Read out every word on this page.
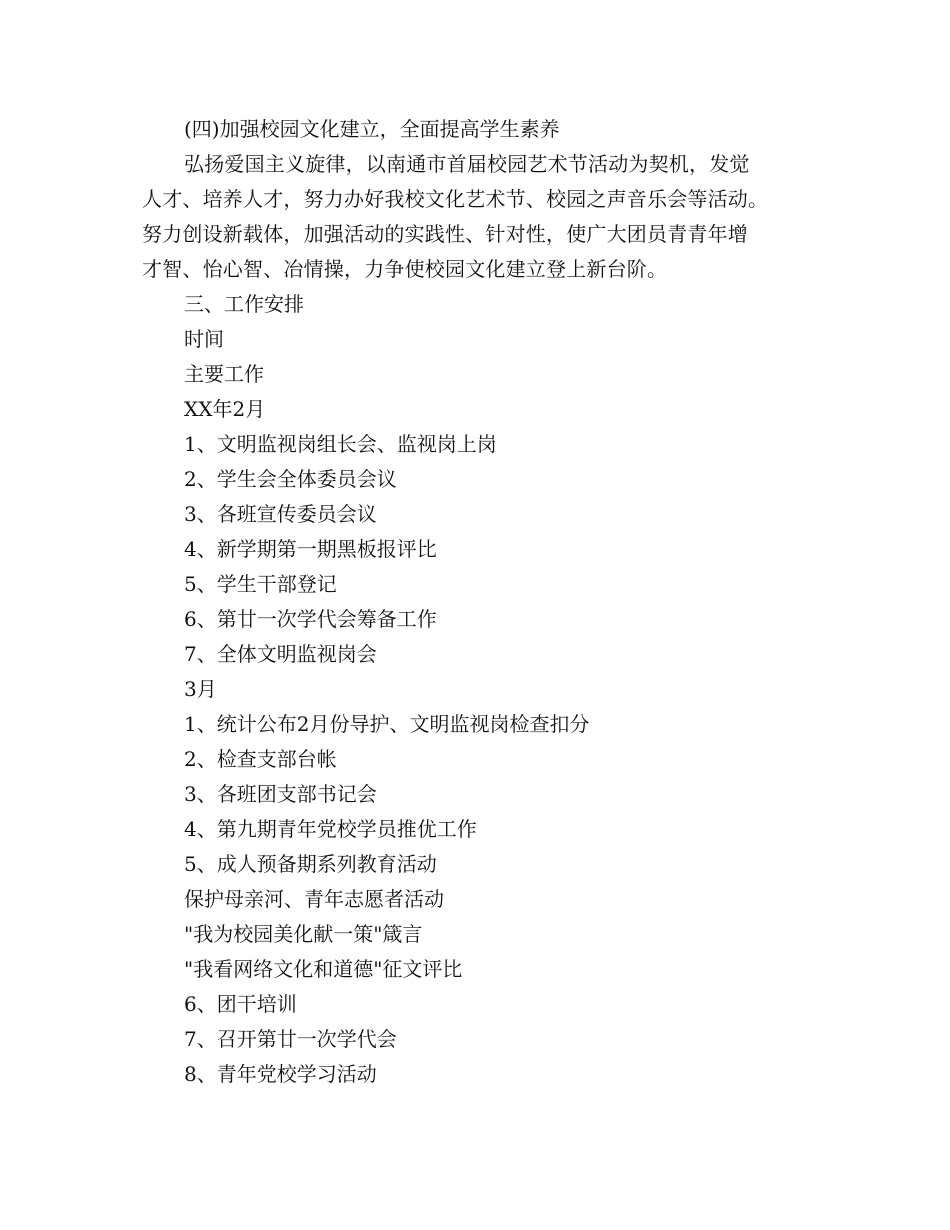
(四)加强校园文化建立，全面提高学生素养
弘扬爱国主义旋律，以南通市首届校园艺术节活动为契机，发觉
人才、培养人才，努力办好我校文化艺术节、校园之声音乐会等活动。
努力创设新载体，加强活动的实践性、针对性，使广大团员青青年增
才智、怡心智、冶情操，力争使校园文化建立登上新台阶。
三、工作安排
时间
主要工作
XX年2月
1、文明监视岗组长会、监视岗上岗
2、学生会全体委员会议
3、各班宣传委员会议
4、新学期第一期黑板报评比
5、学生干部登记
6、第廿一次学代会筹备工作
7、全体文明监视岗会
3月
1、统计公布2月份导护、文明监视岗检查扣分
2、检查支部台帐
3、各班团支部书记会
4、第九期青年党校学员推优工作
5、成人预备期系列教育活动
保护母亲河、青年志愿者活动
"我为校园美化献一策"箴言
"我看网络文化和道德"征文评比
6、团干培训
7、召开第廿一次学代会
8、青年党校学习活动
